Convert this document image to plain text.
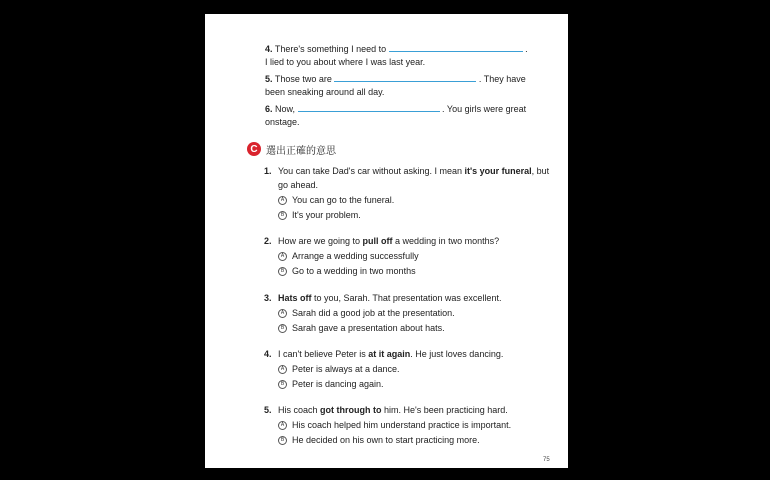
4. There's something I need to	.
I lied to you about where I was last year.
5. Those two are	. They have
been sneaking around all day.
6. Now,	. You girls were great
onstage.
C 選出正確的意思
1. You can take Dad's car without asking. I mean it's your funeral, but go ahead.
A You can go to the funeral.
B It's your problem.
2. How are we going to pull off a wedding in two months?
A Arrange a wedding successfully
B Go to a wedding in two months
3. Hats off to you, Sarah. That presentation was excellent.
A Sarah did a good job at the presentation.
B Sarah gave a presentation about hats.
4. I can't believe Peter is at it again. He just loves dancing.
A Peter is always at a dance.
B Peter is dancing again.
5. His coach got through to him. He's been practicing hard.
A His coach helped him understand practice is important.
B He decided on his own to start practicing more.
75
